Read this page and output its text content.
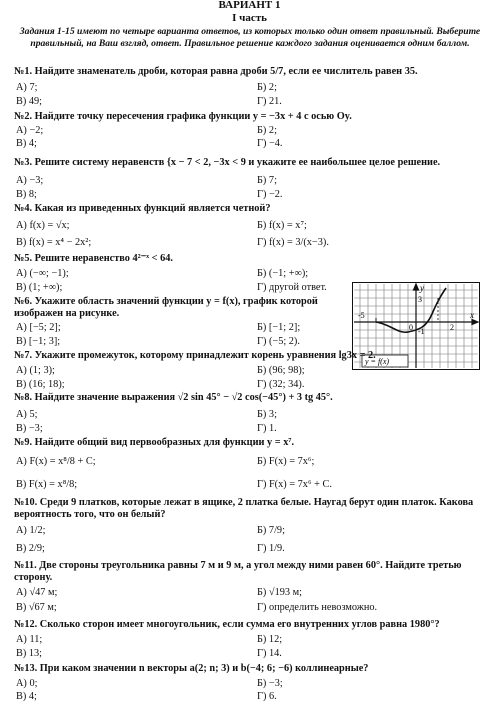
ВАРИАНТ 1
I часть
Задания 1-15 имеют по четыре варианта ответов, из которых только один ответ правильный. Выберите правильный, на Ваш взгляд, ответ. Правильное решение каждого задания оценивается одним баллом.
№1. Найдите знаменатель дроби, которая равна дроби 5/7, если ее числитель равен 35.
А) 7;	Б) 2;
В) 49;	Г) 21.
№2. Найдите точку пересечения графика функции y = −3x + 4 с осью Oy.
А) −2;	Б) 2;
В) 4;	Г) −4.
№3. Решите систему неравенств {x − 7 < 2, −3x < 9 и укажите ее наибольшее целое решение.
А) −3;	Б) 7;
В) 8;	Г) −2.
№4. Какая из приведенных функций является четной?
А) f(x) = √x;	Б) f(x) = x⁷;
В) f(x) = x⁴ − 2x²;	Г) f(x) = 3/(x−3).
№5. Решите неравенство 4²⁻ˣ < 64.
А) (−∞; −1);	Б) (−1; +∞);
В) (1; +∞);	Г) другой ответ.
№6. Укажите область значений функции y = f(x), график которой изображен на рисунке.
А) [−5; 2];	Б) [−1; 2];
В) [−1; 3];	Г) (−5; 2).
y
x
3
-1
0	2
-5
y = f(x)
№7. Укажите промежуток, которому принадлежит корень уравнения lg3x = 2.
А) (1; 3);	Б) (96; 98);
В) (16; 18);	Г) (32; 34).
№8. Найдите значение выражения √2 sin 45° − √2 cos(−45°) + 3 tg 45°.
А) 5;	Б) 3;
В) −3;	Г) 1.
№9. Найдите общий вид первообразных для функции y = x⁷.
А) F(x) = x⁸/8 + C;	Б) F(x) = 7x⁶;
В) F(x) = x⁸/8;	Г) F(x) = 7x⁶ + C.
№10. Среди 9 платков, которые лежат в ящике, 2 платка белые. Наугад берут один платок. Какова вероятность того, что он белый?
А) 1/2;	Б) 7/9;
В) 2/9;	Г) 1/9.
№11. Две стороны треугольника равны 7 м и 9 м, а угол между ними равен 60°. Найдите третью сторону.
А) √47 м;	Б) √193 м;
В) √67 м;	Г) определить невозможно.
№12. Сколько сторон имеет многоугольник, если сумма его внутренних углов равна 1980°?
А) 11;	Б) 12;
В) 13;	Г) 14.
№13. При каком значении n векторы a(2; n; 3) и b(−4; 6; −6) коллинеарные?
А) 0;	Б) −3;
В) 4;	Г) 6.
